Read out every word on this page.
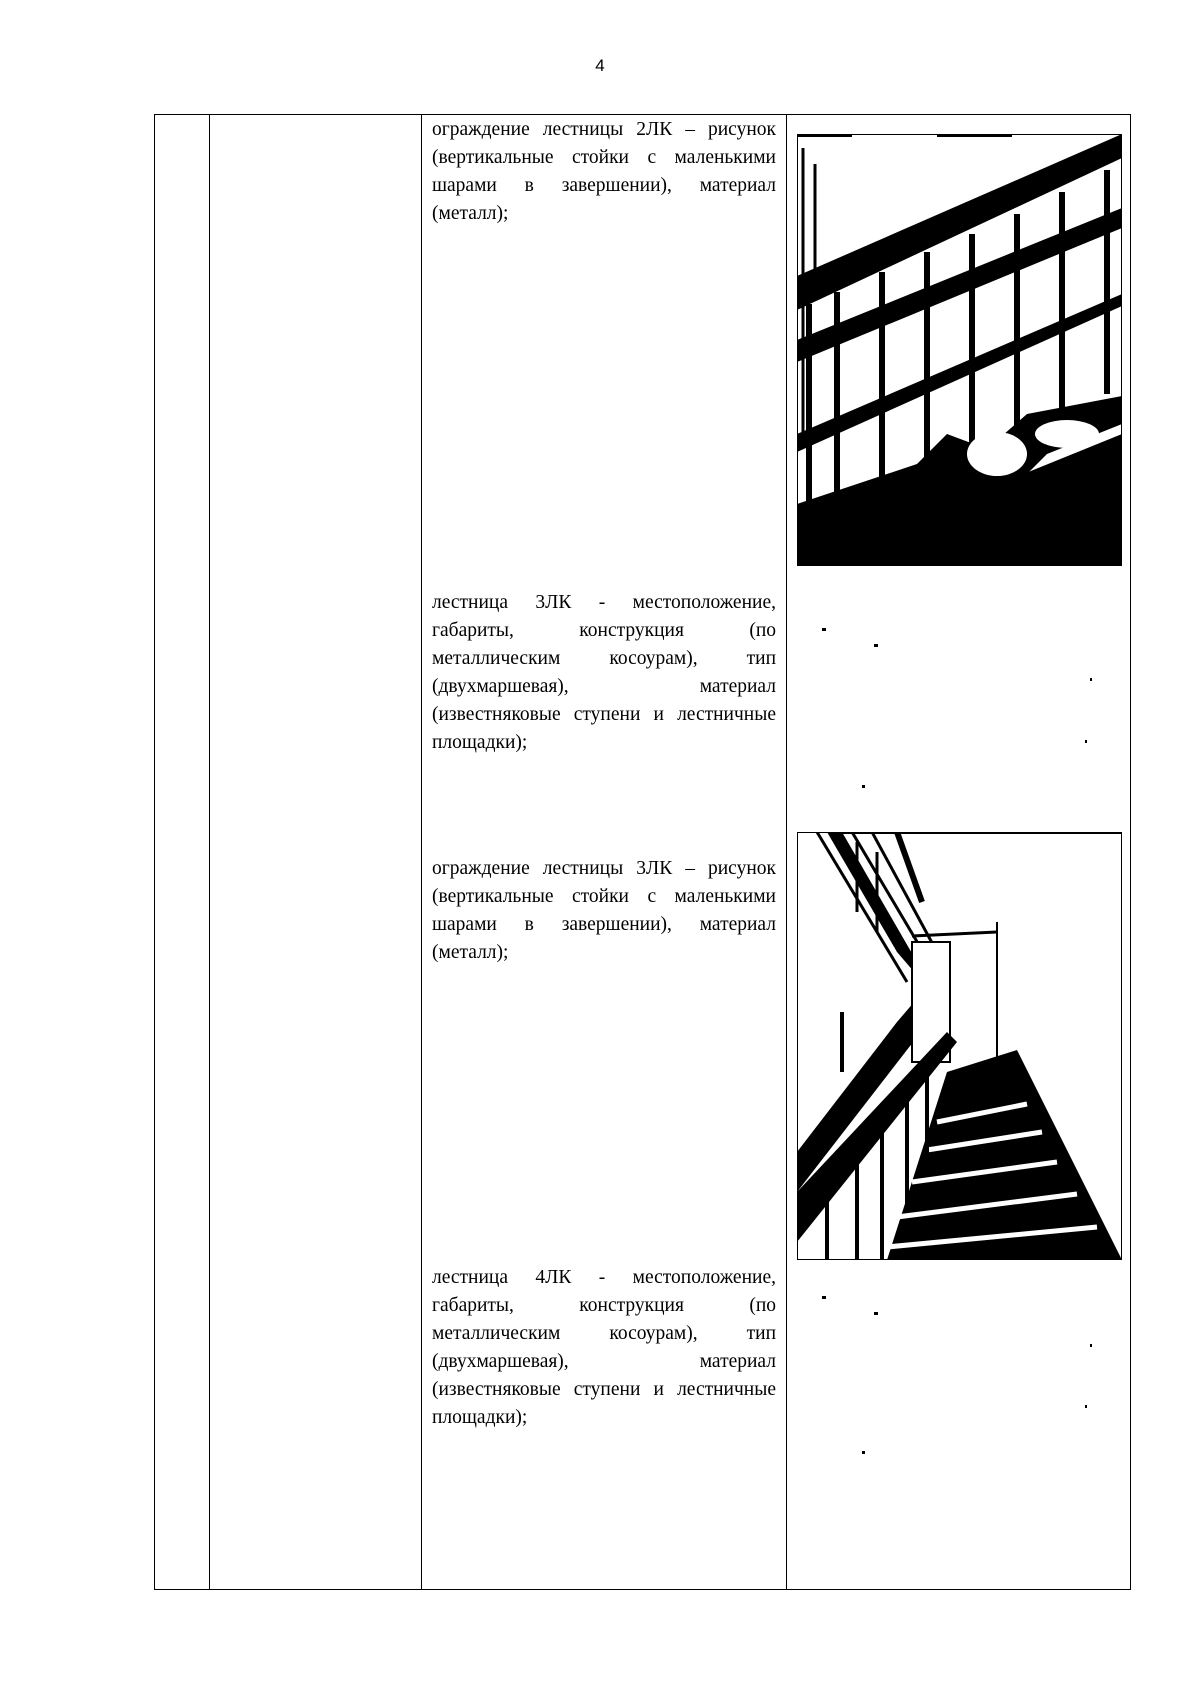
4
ограждение лестницы 2ЛК – рисунок (вертикальные стойки с маленькими шарами в завершении), материал (металл);
лестница 3ЛК - местоположение, габариты, конструкция (по металлическим косоурам), тип (двухмаршевая), материал (известняковые ступени и лестничные площадки);
ограждение лестницы 3ЛК – рисунок (вертикальные стойки с маленькими шарами в завершении), материал (металл);
лестница 4ЛК - местоположение, габариты, конструкция (по металлическим косоурам), тип (двухмаршевая), материал (известняковые ступени и лестничные площадки);
